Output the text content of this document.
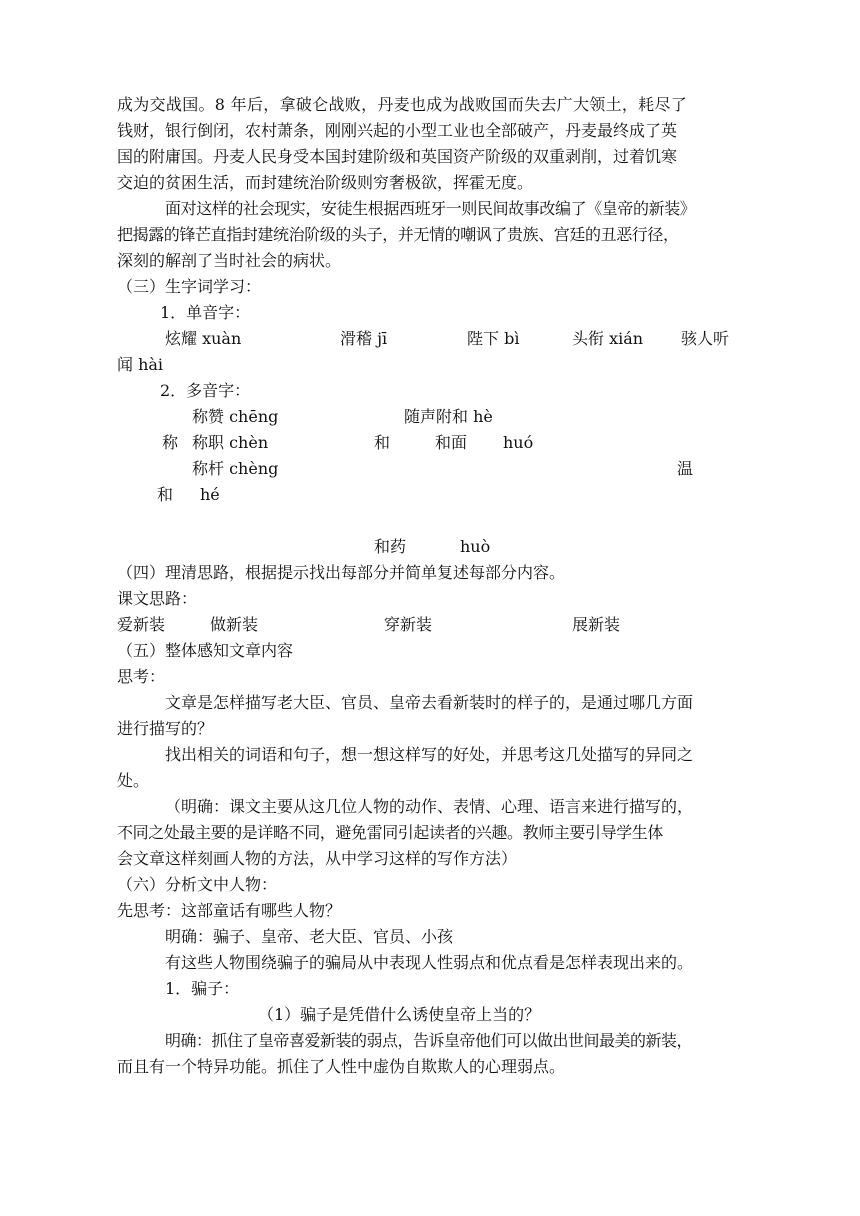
成为交战国。8 年后，拿破仑战败，丹麦也成为战败国而失去广大领土，耗尽了
钱财，银行倒闭，农村萧条，刚刚兴起的小型工业也全部破产，丹麦最终成了英
国的附庸国。丹麦人民身受本国封建阶级和英国资产阶级的双重剥削，过着饥寒
交迫的贫困生活，而封建统治阶级则穷奢极欲，挥霍无度。
面对这样的社会现实，安徒生根据西班牙一则民间故事改编了《皇帝的新装》
把揭露的锋芒直指封建统治阶级的头子，并无情的嘲讽了贵族、宫廷的丑恶行径，
深刻的解剖了当时社会的病状。
（三）生字词学习：
1．单音字：
炫耀 xuàn	滑稽 jī	陛下 bì	头衔 xián 骇人听
闻 hài
2．多音字：
称赞 chēng	随声附和 hè
称 称职 chèn	和	和面 huó
称杆 chèng	温
和 hé
和药	huò
（四）理清思路，根据提示找出每部分并简单复述每部分内容。
课文思路：
爱新装	做新装	穿新装	展新装
（五）整体感知文章内容
思考：
文章是怎样描写老大臣、官员、皇帝去看新装时的样子的，是通过哪几方面
进行描写的？
找出相关的词语和句子，想一想这样写的好处，并思考这几处描写的异同之
处。
（明确：课文主要从这几位人物的动作、表情、心理、语言来进行描写的，
不同之处最主要的是详略不同，避免雷同引起读者的兴趣。教师主要引导学生体
会文章这样刻画人物的方法，从中学习这样的写作方法）
（六）分析文中人物：
先思考：这部童话有哪些人物？
明确：骗子、皇帝、老大臣、官员、小孩
有这些人物围绕骗子的骗局从中表现人性弱点和优点看是怎样表现出来的。
1．骗子：
（1）骗子是凭借什么诱使皇帝上当的？
明确：抓住了皇帝喜爱新装的弱点，告诉皇帝他们可以做出世间最美的新装，
而且有一个特异功能。抓住了人性中虚伪自欺欺人的心理弱点。
